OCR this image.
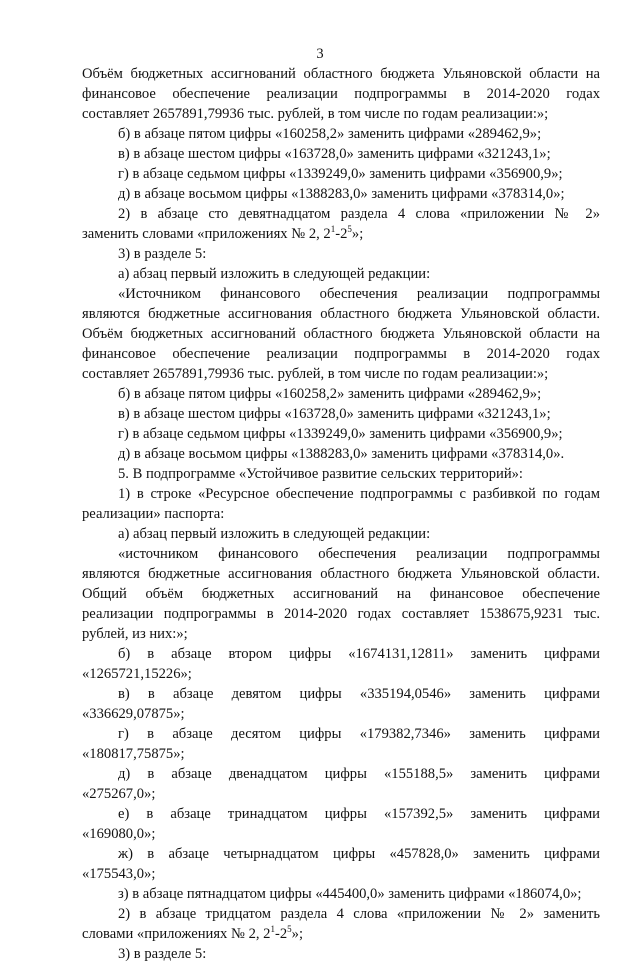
3

Объём бюджетных ассигнований областного бюджета Ульяновской области на

финансовое обеспечение реализации подпрограммы в 2014-2020 годах

составляет 2657891,79936 тыс. рублей, в том числе по годам реализации:»;

б) в абзаце пятом цифры «160258,2» заменить цифрами «289462,9»;

в) в абзаце шестом цифры «163728,0» заменить цифрами «321243,1»;

г) в абзаце седьмом цифры «1339249,0» заменить цифрами «356900,9»;

д) в абзаце восьмом цифры «1388283,0» заменить цифрами «378314,0»;

2) в абзаце сто девятнадцатом раздела 4 слова «приложении № 2»

заменить словами «приложениях № 2, $2^1-2^5$»;

3) в разделе 5:

а) абзац первый изложить в следующей редакции:

«Источником финансового обеспечения реализации подпрограммы

являются бюджетные ассигнования областного бюджета Ульяновской области.

Объём бюджетных ассигнований областного бюджета Ульяновской области на

финансовое обеспечение реализации подпрограммы в 2014-2020 годах

составляет 2657891,79936 тыс. рублей, в том числе по годам реализации:»;

б) в абзаце пятом цифры «160258,2» заменить цифрами «289462,9»;

в) в абзаце шестом цифры «163728,0» заменить цифрами «321243,1»;

г) в абзаце седьмом цифры «1339249,0» заменить цифрами «356900,9»;

д) в абзаце восьмом цифры «1388283,0» заменить цифрами «378314,0».

5. В подпрограмме «Устойчивое развитие сельских территорий»:

1) в строке «Ресурсное обеспечение подпрограммы с разбивкой по годам

реализации» паспорта:

а) абзац первый изложить в следующей редакции:

«источником финансового обеспечения реализации подпрограммы

являются бюджетные ассигнования областного бюджета Ульяновской области.

Общий объём бюджетных ассигнований на финансовое обеспечение

реализации подпрограммы в 2014-2020 годах составляет 1538675,9231 тыс.

рублей, из них:»;

б) в абзаце втором цифры «1674131,12811» заменить цифрами

«1265721,15226»;

в) в абзаце девятом цифры «335194,0546» заменить цифрами

«336629,07875»;

г) в абзаце десятом цифры «179382,7346» заменить цифрами

«180817,75875»;

д) в абзаце двенадцатом цифры «155188,5» заменить цифрами

«275267,0»;

е) в абзаце тринадцатом цифры «157392,5» заменить цифрами

«169080,0»;

ж) в абзаце четырнадцатом цифры «457828,0» заменить цифрами

«175543,0»;

з) в абзаце пятнадцатом цифры «445400,0» заменить цифрами «186074,0»;

2) в абзаце тридцатом раздела 4 слова «приложении № 2» заменить

словами «приложениях № 2, $2^1-2^5$»;

3) в разделе 5:
